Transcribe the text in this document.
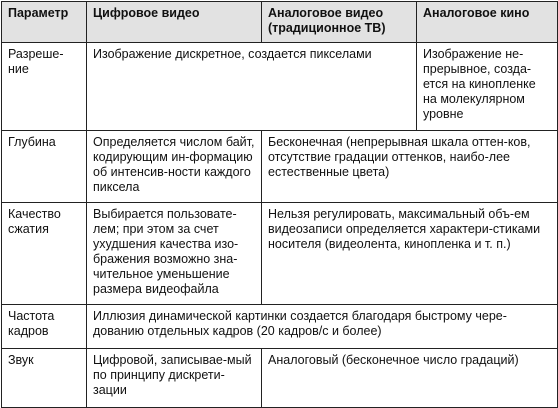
Параметр	Цифровое видео	Аналоговое видео (традиционное ТВ)	Аналоговое кино
Разреше-ние	Изображение дискретное, создается пикселами		Изображение не-прерывное, созда-ется на кинопленке на молекулярном уровне
Глубина	Определяется числом байт, кодирующим ин-формацию об интенсив-ности каждого пиксела	Бесконечная (непрерывная шкала оттен-ков, отсутствие градации оттенков, наибо-лее естественные цвета)	
Качество сжатия	Выбирается пользовате-лем; при этом за счет ухудшения качества изо-бражения возможно зна-чительное уменьшение размера видеофайла	Нельзя регулировать, максимальный объ-ем видеозаписи определяется характери-стиками носителя (видеолента, кинопленка и т. п.)	
Частота кадров	Иллюзия динамической картинки создается благодаря быстрому чере-дованию отдельных кадров (20 кадров/с и более)		
Звук	Цифровой, записывае-мый по принципу дискрети-зации	Аналоговый (бесконечное число градаций)	
